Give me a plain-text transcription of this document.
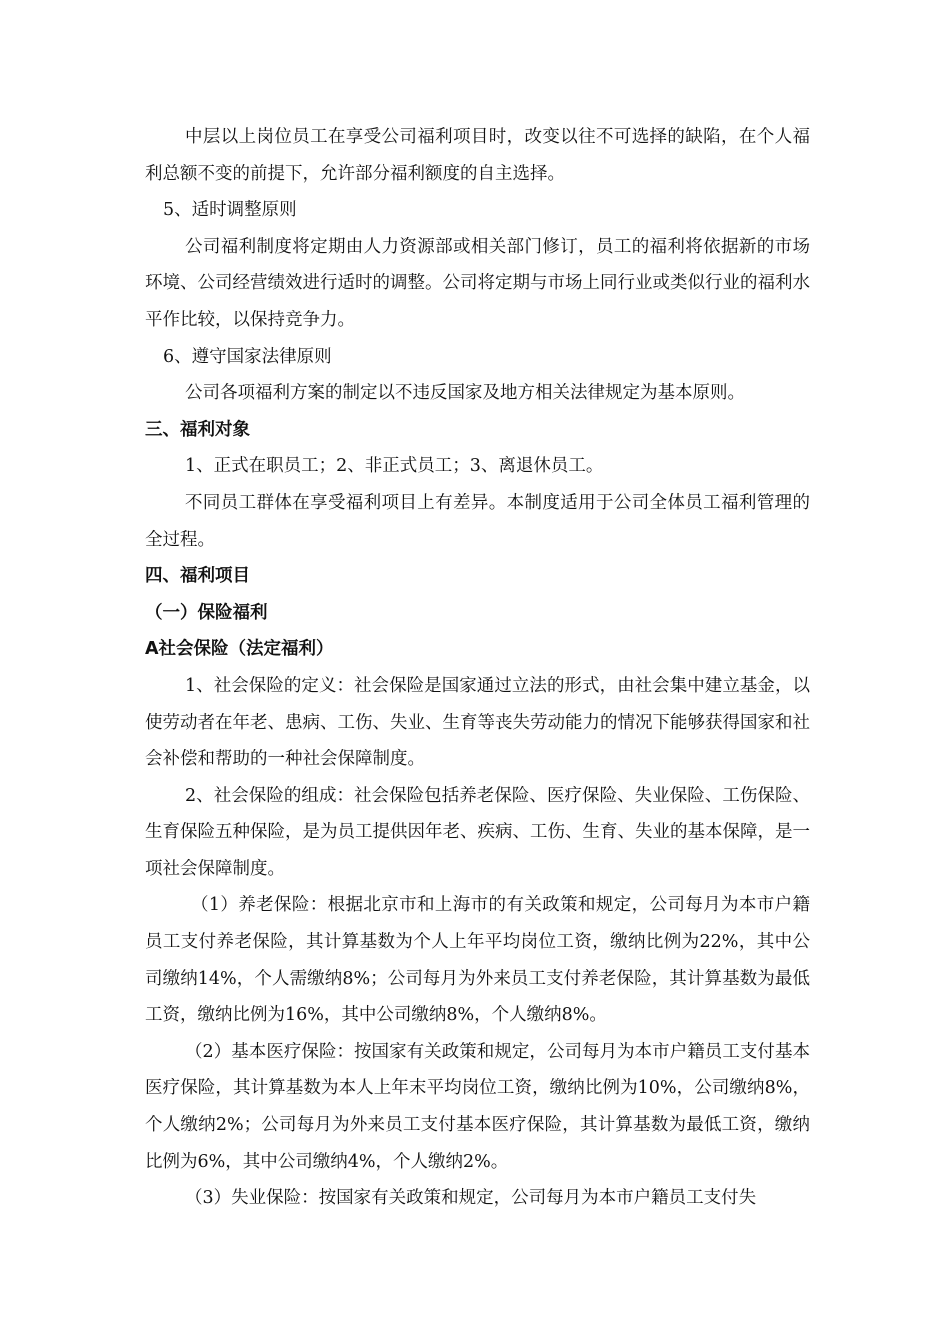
中层以上岗位员工在享受公司福利项目时，改变以往不可选择的缺陷，在个人福利总额不变的前提下，允许部分福利额度的自主选择。

5、适时调整原则

公司福利制度将定期由人力资源部或相关部门修订，员工的福利将依据新的市场环境、公司经营绩效进行适时的调整。公司将定期与市场上同行业或类似行业的福利水平作比较，以保持竞争力。

6、遵守国家法律原则

公司各项福利方案的制定以不违反国家及地方相关法律规定为基本原则。

三、福利对象

1、正式在职员工；2、非正式员工；3、离退休员工。

不同员工群体在享受福利项目上有差异。本制度适用于公司全体员工福利管理的全过程。

四、福利项目

（一）保险福利

A社会保险（法定福利）

1、社会保险的定义：社会保险是国家通过立法的形式，由社会集中建立基金，以使劳动者在年老、患病、工伤、失业、生育等丧失劳动能力的情况下能够获得国家和社会补偿和帮助的一种社会保障制度。

2、社会保险的组成：社会保险包括养老保险、医疗保险、失业保险、工伤保险、生育保险五种保险，是为员工提供因年老、疾病、工伤、生育、失业的基本保障，是一项社会保障制度。

（1）养老保险：根据北京市和上海市的有关政策和规定，公司每月为本市户籍员工支付养老保险，其计算基数为个人上年平均岗位工资，缴纳比例为22%，其中公司缴纳14%，个人需缴纳8%；公司每月为外来员工支付养老保险，其计算基数为最低工资，缴纳比例为16%，其中公司缴纳8%，个人缴纳8%。

（2）基本医疗保险：按国家有关政策和规定，公司每月为本市户籍员工支付基本医疗保险，其计算基数为本人上年末平均岗位工资，缴纳比例为10%，公司缴纳8%，个人缴纳2%；公司每月为外来员工支付基本医疗保险，其计算基数为最低工资，缴纳比例为6%，其中公司缴纳4%，个人缴纳2%。

（3）失业保险：按国家有关政策和规定，公司每月为本市户籍员工支付失
